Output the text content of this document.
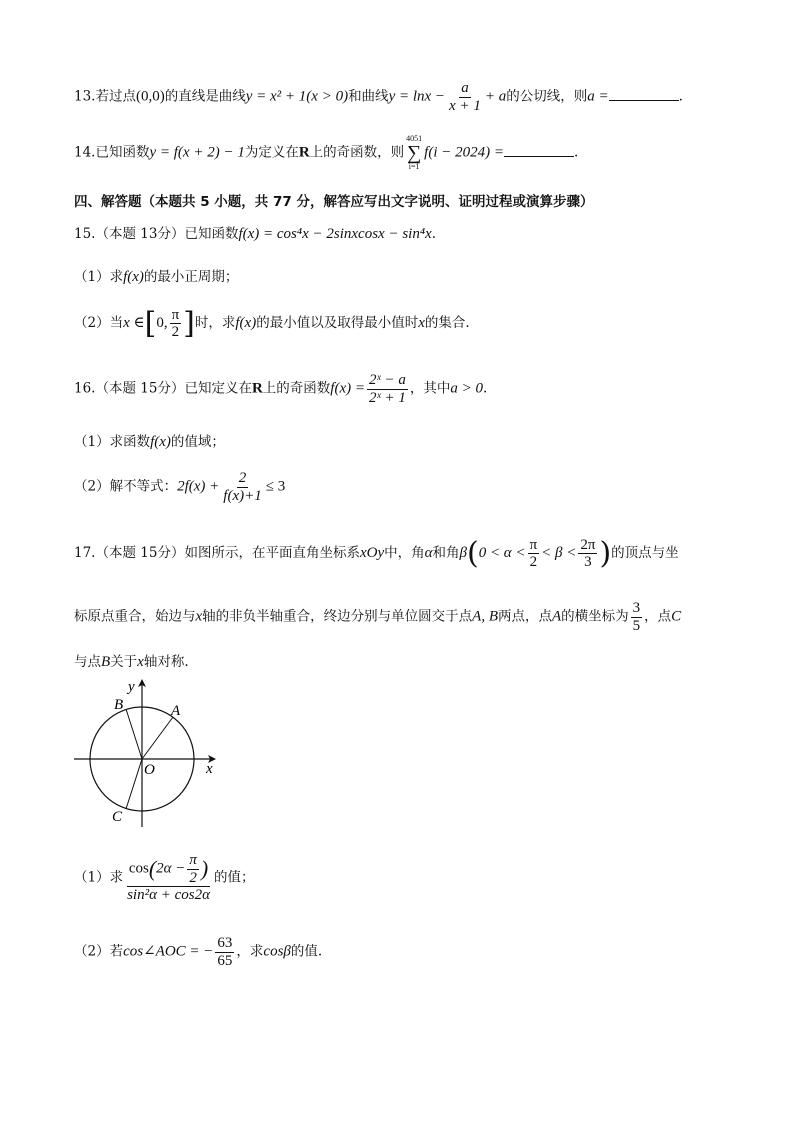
13.若过点(0,0)的直线是曲线y = x² + 1(x > 0)和曲线$y = \ln x - \frac{a}{x + 1} + a$的公切线，则a =	.
14.已知函数y = f(x + 2) − 1为定义在R上的奇函数，则
4051
∑
i=1
f(i − 2024) =	.
四、解答题（本题共 5 小题，共 77 分，解答应写出文字说明、证明过程或演算步骤）
15.（本题 13分）已知函数f(x) = cos⁴x − 2sinxcosx − sin⁴x.
（1）求f(x)的最小正周期；
（2）当x ∈[0, $\frac{\pi}{2}$ ]时，求f(x)的最小值以及取得最小值时x的集合.
16.（本题 15分）已知定义在R上的奇函数$f(x) = \frac{\text{2ˣ − a}}{\text{2ˣ + 1}}$ ，其中a > 0.
（1）求函数f(x)的值域；
（2）解不等式：$2f(x) + \frac{2}{f(x)+1} \le 3$
17.（本题 15分）如图所示，在平面直角坐标系xOy中，角α和角$\beta(0 < \alpha < \frac{\pi}{2} < \beta < \frac{2\pi}{3}$ )的顶点与坐
标原点重合，始边与x轴的非负半轴重合，终边分别与单位圆交于点A, B两点，点A的横坐标为 $\frac{3}{5}$ ，点C
与点B关于x轴对称.
y
x
O
A
B
C
（1）求 $\frac{\cos(2\alpha - \frac{\pi}{2} )}{\text{sin²α + cos2α}}$ 的值；
（2）若cos∠AOC = − $\frac{63}{65}$ ，求cosβ的值.
